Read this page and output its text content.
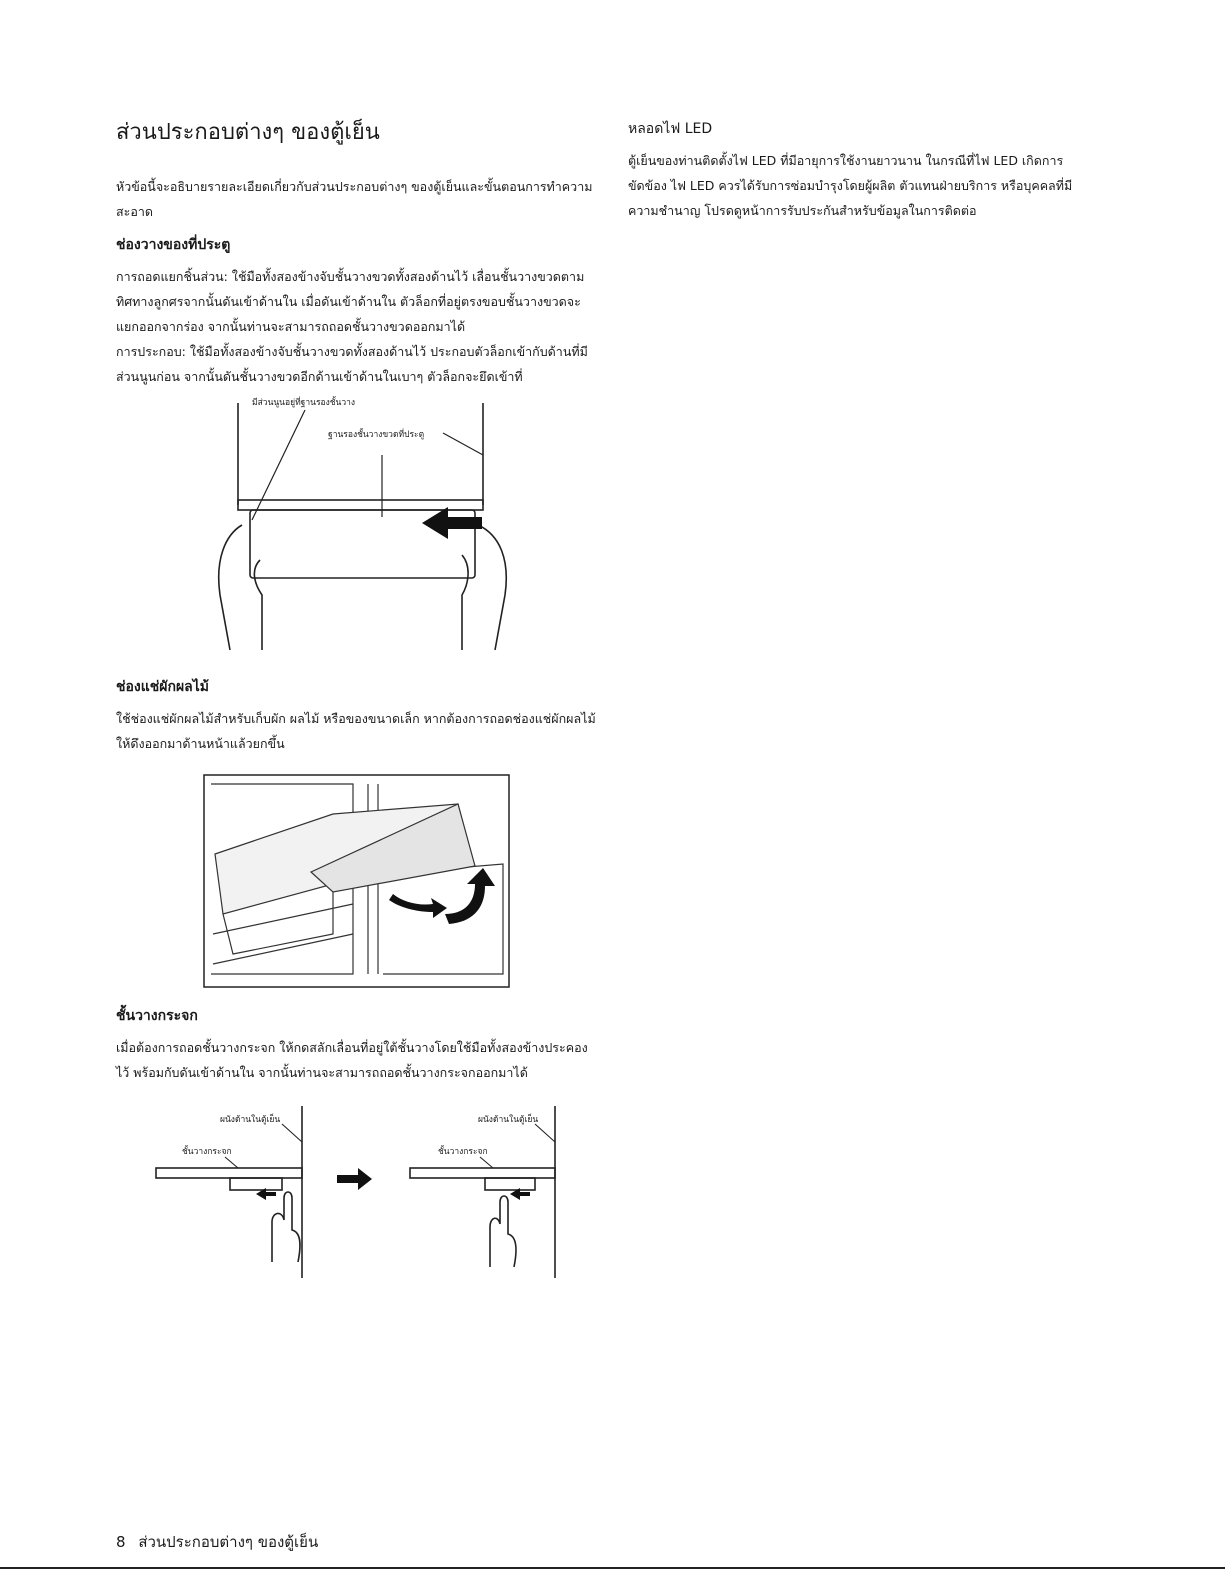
ส่วนประกอบต่างๆ ของตู้เย็น

หัวข้อนี้จะอธิบายรายละเอียดเกี่ยวกับส่วนประกอบต่างๆ ของตู้เย็นและขั้นตอนการทำความสะอาด

ช่องวางของที่ประตู

การถอดแยกชิ้นส่วน: ใช้มือทั้งสองข้างจับชั้นวางขวดทั้งสองด้านไว้ เลื่อนชั้นวางขวดตามทิศทางลูกศรจากนั้นดันเข้าด้านใน เมื่อดันเข้าด้านใน ตัวล็อกที่อยู่ตรงขอบชั้นวางขวดจะแยกออกจากร่อง จากนั้นท่านจะสามารถถอดชั้นวางขวดออกมาได้

การประกอบ: ใช้มือทั้งสองข้างจับชั้นวางขวดทั้งสองด้านไว้ ประกอบตัวล็อกเข้ากับด้านที่มีส่วนนูนก่อน จากนั้นดันชั้นวางขวดอีกด้านเข้าด้านในเบาๆ ตัวล็อกจะยึดเข้าที่

มีส่วนนูนอยู่ที่ฐานรองชั้นวาง
ฐานรองชั้นวางขวดที่ประตู
ช่องแช่ผักผลไม้

ใช้ช่องแช่ผักผลไม้สำหรับเก็บผัก ผลไม้ หรือของขนาดเล็ก หากต้องการถอดช่องแช่ผักผลไม้ ให้ดึงออกมาด้านหน้าแล้วยกขึ้น

ชั้นวางกระจก

เมื่อต้องการถอดชั้นวางกระจก ให้กดสลักเลื่อนที่อยู่ใต้ชั้นวางโดยใช้มือทั้งสองข้างประคองไว้ พร้อมกับดันเข้าด้านใน จากนั้นท่านจะสามารถถอดชั้นวางกระจกออกมาได้

ผนังด้านในตู้เย็น
ชั้นวางกระจก
ผนังด้านในตู้เย็น
ชั้นวางกระจก
หลอดไฟ LED

ตู้เย็นของท่านติดตั้งไฟ LED ที่มีอายุการใช้งานยาวนาน ในกรณีที่ไฟ LED เกิดการขัดข้อง ไฟ LED ควรได้รับการซ่อมบำรุงโดยผู้ผลิต ตัวแทนฝ่ายบริการ หรือบุคคลที่มีความชำนาญ โปรดดูหน้าการรับประกันสำหรับข้อมูลในการติดต่อ

8 ส่วนประกอบต่างๆ ของตู้เย็น
